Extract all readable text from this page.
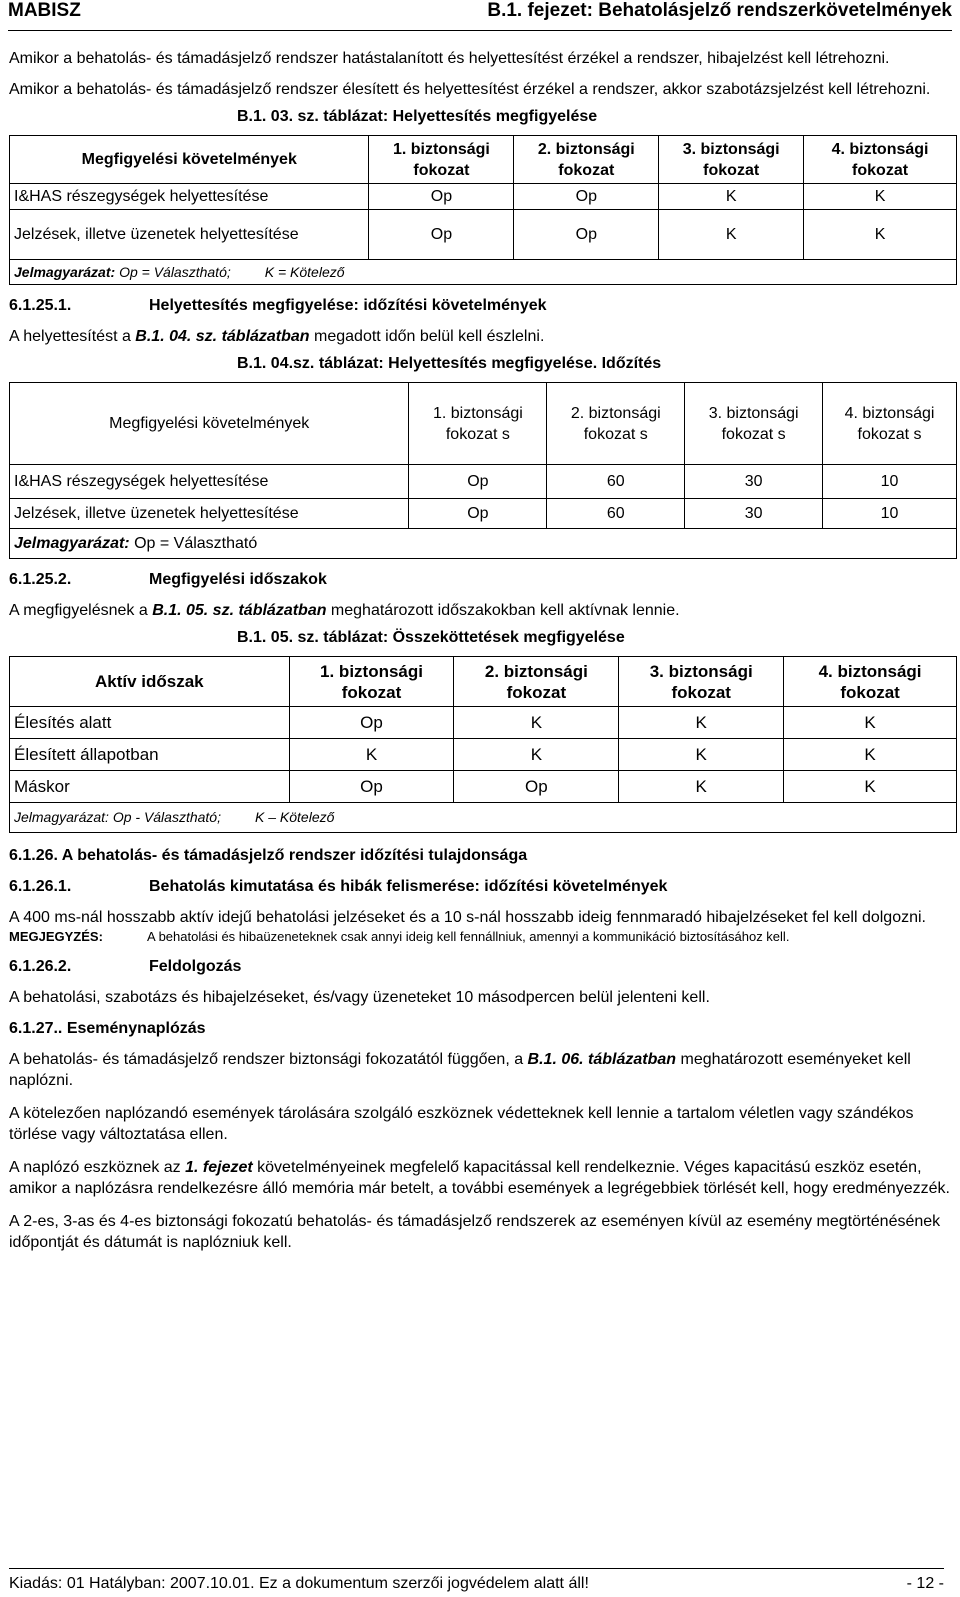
MABISZ	B.1. fejezet: Behatolásjelző rendszerkövetelmények

Amikor a behatolás- és támadásjelző rendszer hatástalanított és helyettesítést érzékel a rendszer, hibajelzést kell létrehozni.

Amikor a behatolás- és támadásjelző rendszer élesített és helyettesítést érzékel a rendszer, akkor szabotázsjelzést kell létrehozni.

B.1. 03. sz. táblázat: Helyettesítés megfigyelése
Megfigyelési követelmények	1. biztonsági fokozat	2. biztonsági fokozat	3. biztonsági fokozat	4. biztonsági fokozat
I&HAS részegységek helyettesítése	Op	Op	K	K
Jelzések, illetve üzenetek helyettesítése	Op	Op	K	K
Jelmagyarázat: Op = Választható; K = Kötelező				

6.1.25.1.	Helyettesítés megfigyelése: időzítési követelmények

A helyettesítést a B.1. 04. sz. táblázatban megadott időn belül kell észlelni.

B.1. 04.sz. táblázat: Helyettesítés megfigyelése. Időzítés
Megfigyelési követelmények	1. biztonsági fokozat s	2. biztonsági fokozat s	3. biztonsági fokozat s	4. biztonsági fokozat s
I&HAS részegységek helyettesítése	Op	60	30	10
Jelzések, illetve üzenetek helyettesítése	Op	60	30	10
Jelmagyarázat: Op = Választható				

6.1.25.2.	Megfigyelési időszakok

A megfigyelésnek a B.1. 05. sz. táblázatban meghatározott időszakokban kell aktívnak lennie.

B.1. 05. sz. táblázat: Összeköttetések megfigyelése
Aktív időszak	1. biztonsági fokozat	2. biztonsági fokozat	3. biztonsági fokozat	4. biztonsági fokozat
Élesítés alatt	Op	K	K	K
Élesített állapotban	K	K	K	K
Máskor	Op	Op	K	K
Jelmagyarázat: Op - Választható; K – Kötelező				

6.1.26. A behatolás- és támadásjelző rendszer időzítési tulajdonsága

6.1.26.1.	Behatolás kimutatása és hibák felismerése: időzítési követelmények

A 400 ms-nál hosszabb aktív idejű behatolási jelzéseket és a 10 s-nál hosszabb ideig fennmaradó hibajelzéseket fel kell dolgozni.

MEGJEGYZÉS:	A behatolási és hibaüzeneteknek csak annyi ideig kell fennállniuk, amennyi a kommunikáció biztosításához kell.

6.1.26.2.	Feldolgozás

A behatolási, szabotázs és hibajelzéseket, és/vagy üzeneteket 10 másodpercen belül jelenteni kell.

6.1.27.. Eseménynaplózás

A behatolás- és támadásjelző rendszer biztonsági fokozatától függően, a B.1. 06. táblázatban meghatározott eseményeket kell naplózni.

A kötelezően naplózandó események tárolására szolgáló eszköznek védetteknek kell lennie a tartalom véletlen vagy szándékos törlése vagy változtatása ellen.

A naplózó eszköznek az 1. fejezet követelményeinek megfelelő kapacitással kell rendelkeznie. Véges kapacitású eszköz esetén, amikor a naplózásra rendelkezésre álló memória már betelt, a további események a legrégebbiek törlését kell, hogy eredményezzék.

A 2-es, 3-as és 4-es biztonsági fokozatú behatolás- és támadásjelző rendszerek az eseményen kívül az esemény megtörténésének időpontját és dátumát is naplózniuk kell.

Kiadás: 01 Hatályban: 2007.10.01. Ez a dokumentum szerzői jogvédelem alatt áll!	- 12 -
